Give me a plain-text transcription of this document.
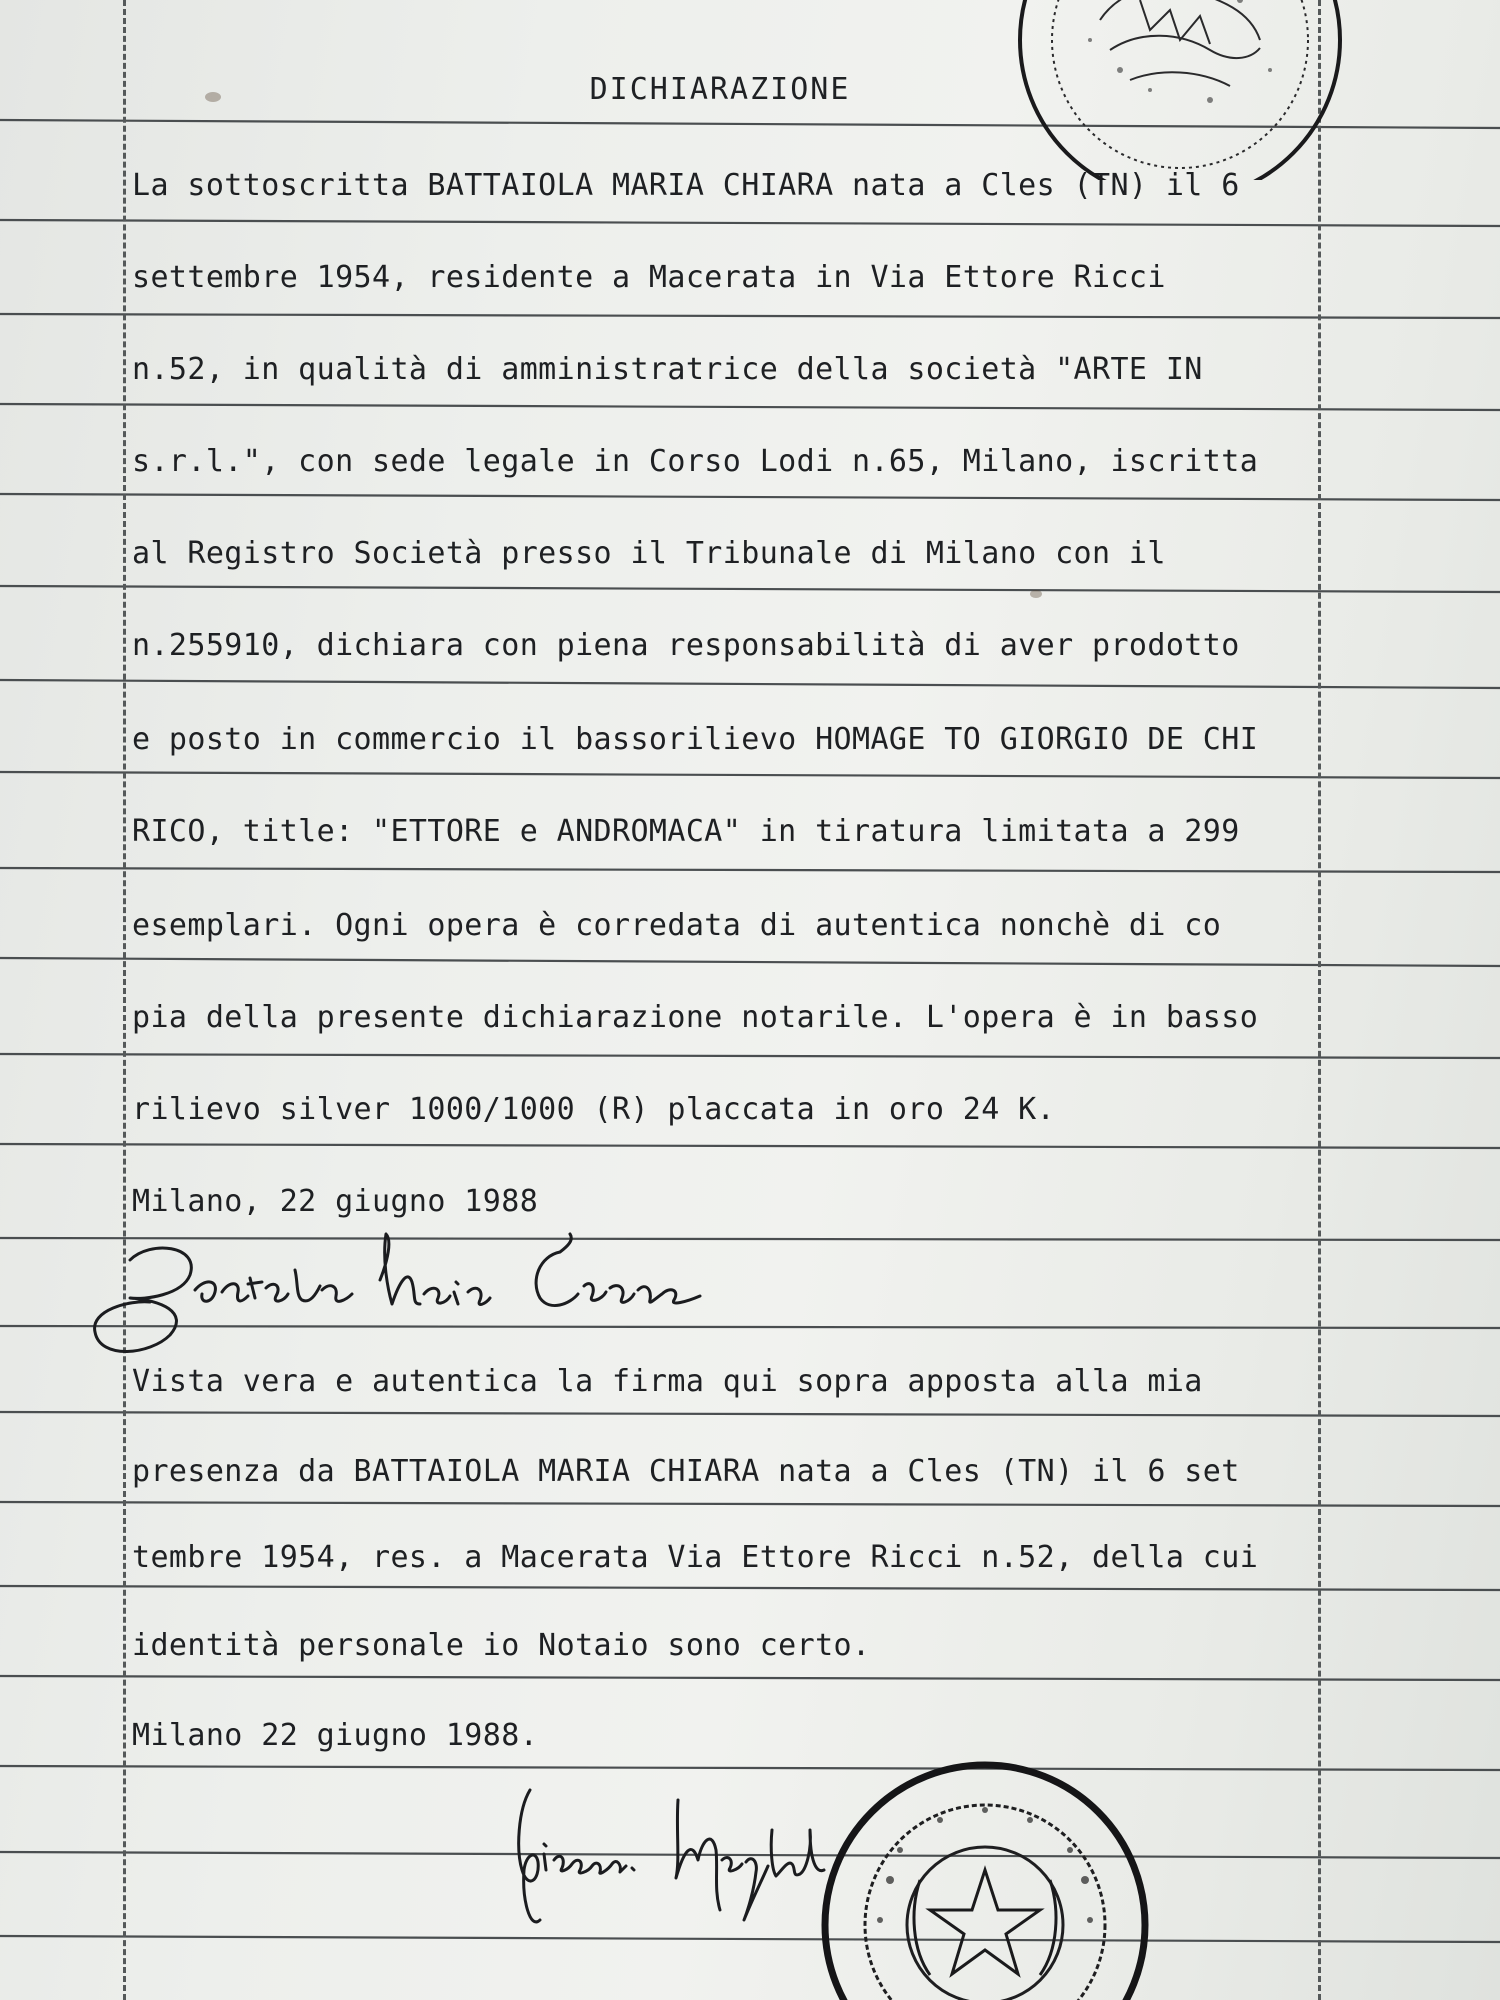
DICHIARAZIONE
La sottoscritta BATTAIOLA MARIA CHIARA nata a Cles (TN) il 6
settembre 1954, residente a Macerata in Via Ettore Ricci
n.52, in qualità di amministratrice della società "ARTE IN
s.r.l.", con sede legale in Corso Lodi n.65, Milano, iscritta
al Registro Società presso il Tribunale di Milano con il
n.255910, dichiara con piena responsabilità di aver prodotto
e posto in commercio il bassorilievo HOMAGE TO GIORGIO DE CHI
RICO, title: "ETTORE e ANDROMACA" in tiratura limitata a 299
esemplari. Ogni opera è corredata di autentica nonchè di co
pia della presente dichiarazione notarile. L'opera è in basso
rilievo silver 1000/1000 (R) placcata in oro 24 K.
Milano, 22 giugno 1988
Vista vera e autentica la firma qui sopra apposta alla mia
presenza da BATTAIOLA MARIA CHIARA nata a Cles (TN) il 6 set
tembre 1954, res. a Macerata Via Ettore Ricci n.52, della cui
identità personale io Notaio sono certo.
Milano 22 giugno 1988.
